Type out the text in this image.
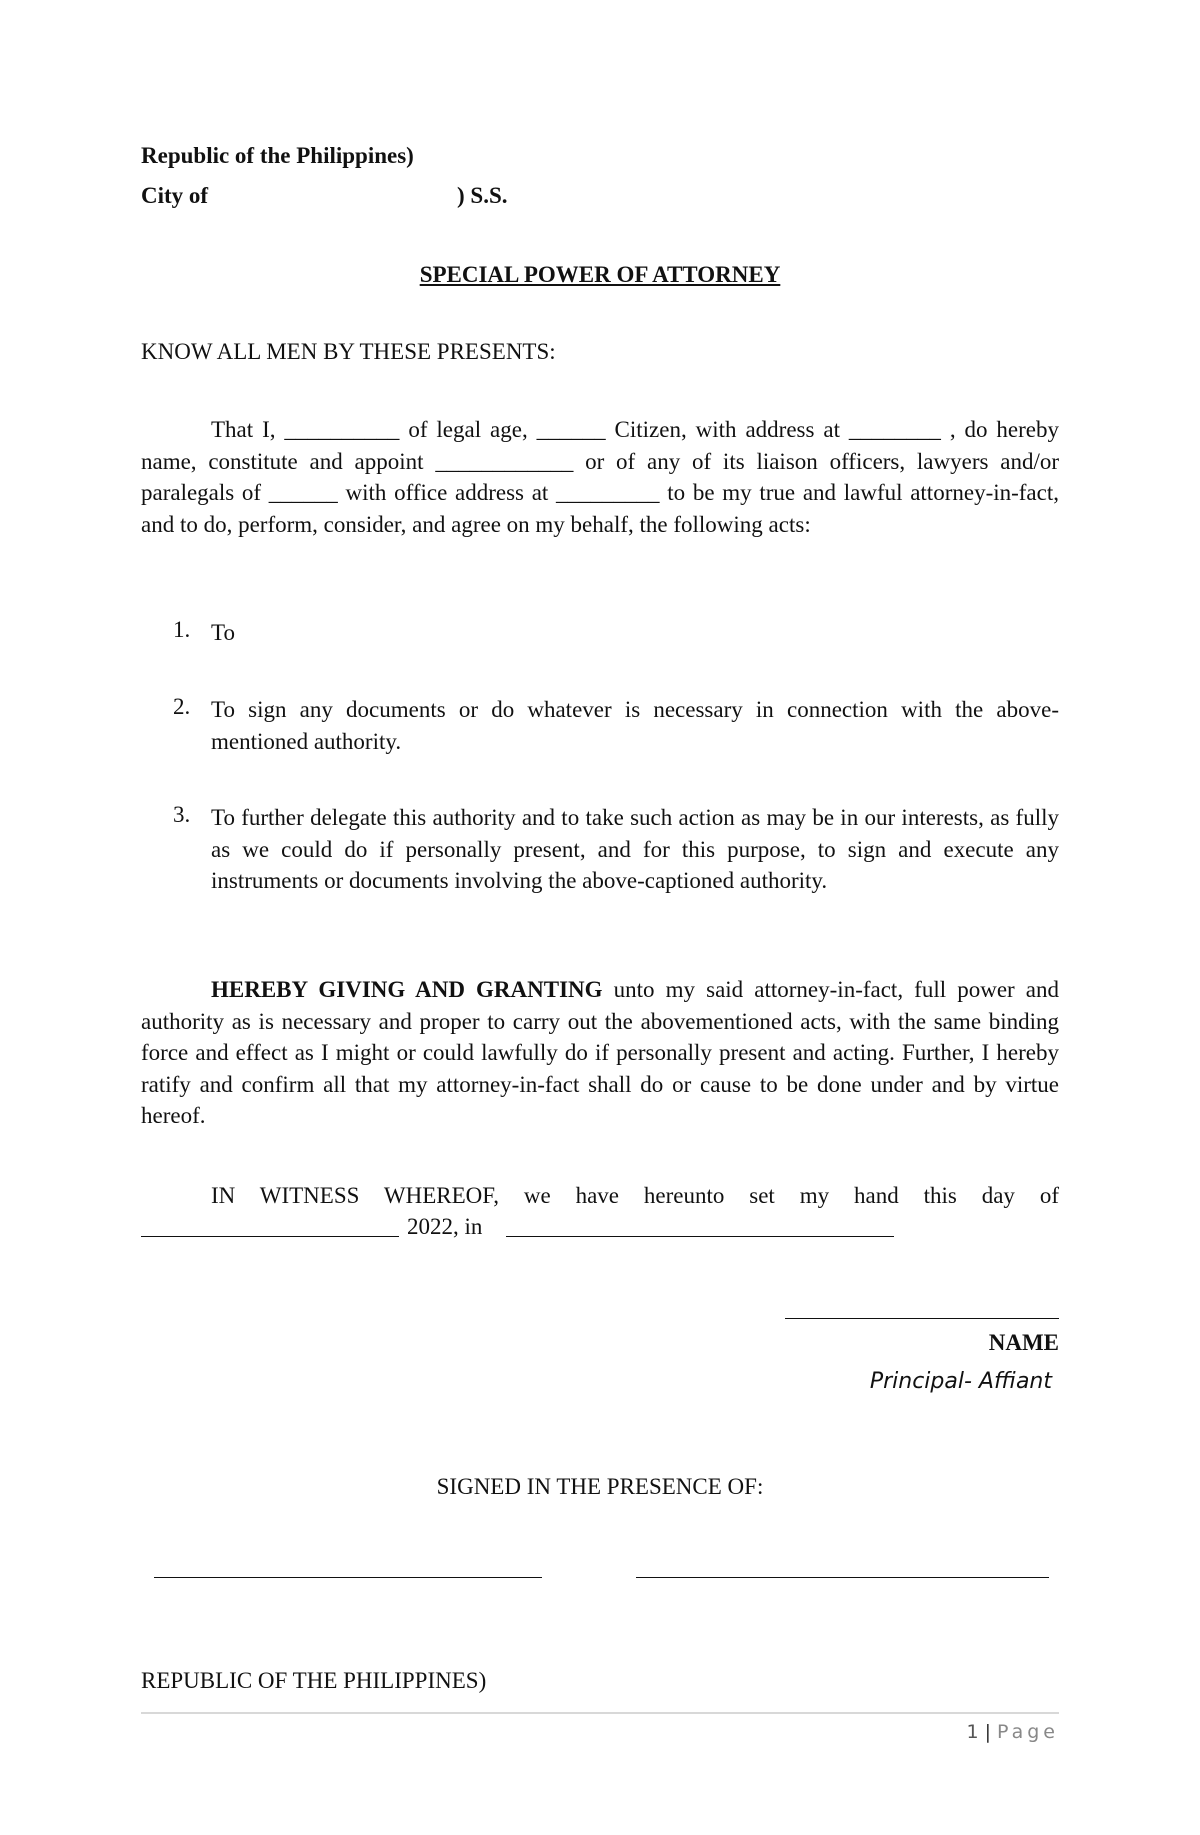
Republic of the Philippines)
City of	) S.S.
SPECIAL POWER OF ATTORNEY
KNOW ALL MEN BY THESE PRESENTS:
That I, __________ of legal age, ______ Citizen, with address at ________ , do hereby name, constitute and appoint ____________ or of any of its liaison officers, lawyers and/or paralegals of ______ with office address at _________ to be my true and lawful attorney-in-fact, and to do, perform, consider, and agree on my behalf, the following acts:
1. To
2. To sign any documents or do whatever is necessary in connection with the above-mentioned authority.
3. To further delegate this authority and to take such action as may be in our interests, as fully as we could do if personally present, and for this purpose, to sign and execute any instruments or documents involving the above-captioned authority.
HEREBY GIVING AND GRANTING unto my said attorney-in-fact, full power and authority as is necessary and proper to carry out the abovementioned acts, with the same binding force and effect as I might or could lawfully do if personally present and acting. Further, I hereby ratify and confirm all that my attorney-in-fact shall do or cause to be done under and by virtue hereof.
IN WITNESS WHEREOF, we have hereunto set my hand this day of
2022, in
NAME
Principal- Affiant
SIGNED IN THE PRESENCE OF:
REPUBLIC OF THE PHILIPPINES)
1 | Page
